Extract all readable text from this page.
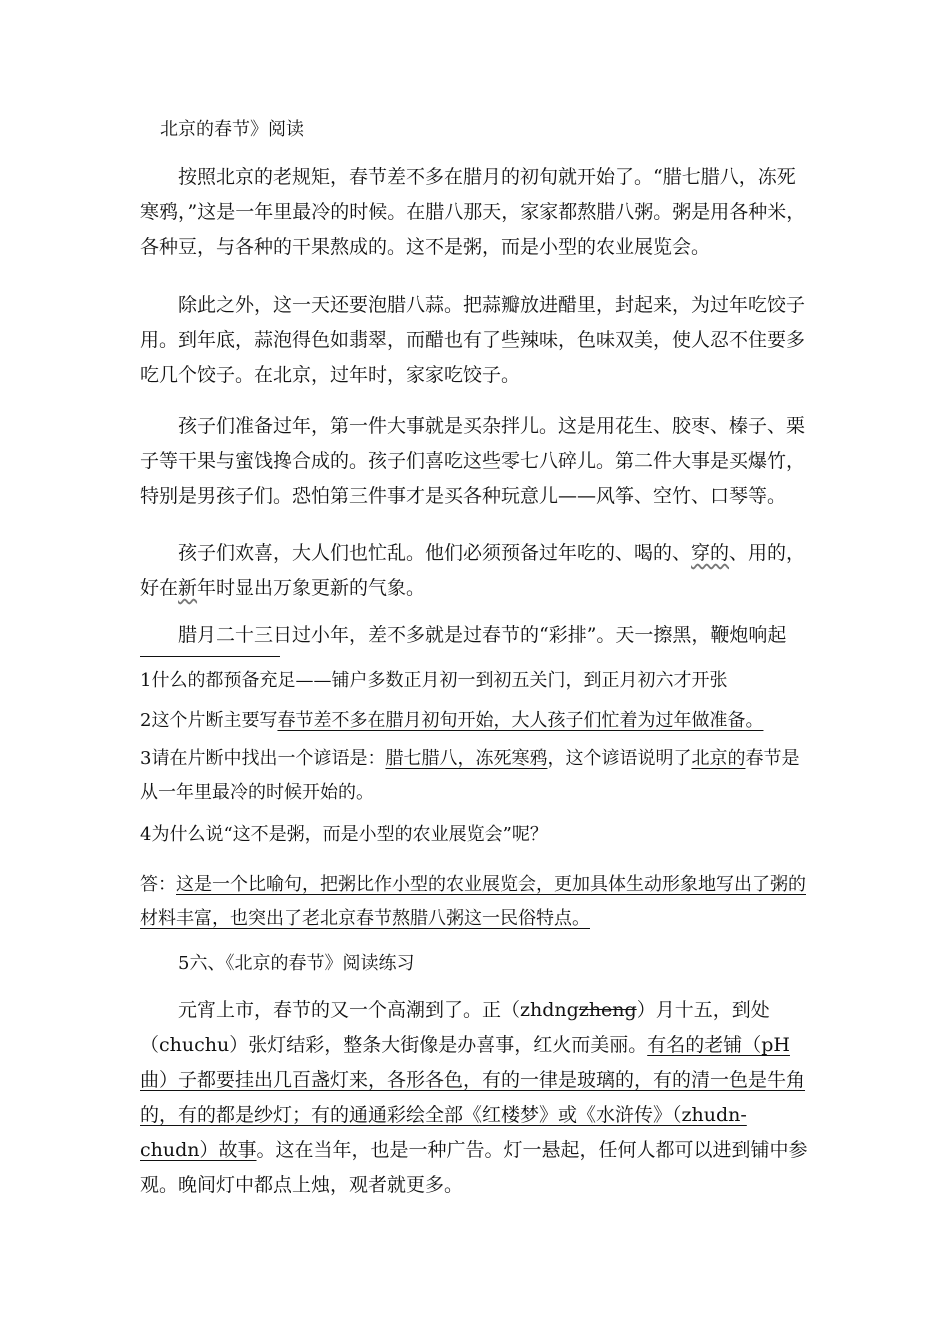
北京的春节》阅读

按照北京的老规矩，春节差不多在腊月的初旬就开始了。“腊七腊八，冻死寒鸦，”这是一年里最冷的时候。在腊八那天，家家都熬腊八粥。粥是用各种米，各种豆，与各种的干果熬成的。这不是粥，而是小型的农业展览会。

除此之外，这一天还要泡腊八蒜。把蒜瓣放进醋里，封起来，为过年吃饺子用。到年底，蒜泡得色如翡翠，而醋也有了些辣味，色味双美，使人忍不住要多吃几个饺子。在北京，过年时，家家吃饺子。

孩子们准备过年，第一件大事就是买杂拌儿。这是用花生、胶枣、榛子、栗子等干果与蜜饯搀合成的。孩子们喜吃这些零七八碎儿。第二件大事是买爆竹，特别是男孩子们。恐怕第三件事才是买各种玩意儿——风筝、空竹、口琴等。

孩子们欢喜，大人们也忙乱。他们必须预备过年吃的、喝的、穿的、用的，好在新年时显出万象更新的气象。

腊月二十三日过小年，差不多就是过春节的“彩排”。天一擦黑，鞭炮响起

1什么的都预备充足——铺户多数正月初一到初五关门，到正月初六才开张
2这个片断主要写春节差不多在腊月初旬开始，大人孩子们忙着为过年做准备。

3请在片断中找出一个谚语是：腊七腊八，冻死寒鸦，这个谚语说明了北京的春节是从一年里最冷的时候开始的。

4为什么说“这不是粥，而是小型的农业展览会”呢？

答：这是一个比喻句，把粥比作小型的农业展览会，更加具体生动形象地写出了粥的材料丰富，也突出了老北京春节熬腊八粥这一民俗特点。

5六、《北京的春节》阅读练习

元宵上市，春节的又一个高潮到了。正（zhdngzheng）月十五，到处（chuchu）张灯结彩，整条大街像是办喜事，红火而美丽。有名的老铺（pH曲）子都要挂出几百盏灯来，各形各色，有的一律是玻璃的，有的清一色是牛角的，有的都是纱灯；有的通通彩绘全部《红楼梦》或《水浒传》（zhudn-chudn）故事。这在当年，也是一种广告。灯一悬起，任何人都可以进到铺中参观。晚间灯中都点上烛，观者就更多。
